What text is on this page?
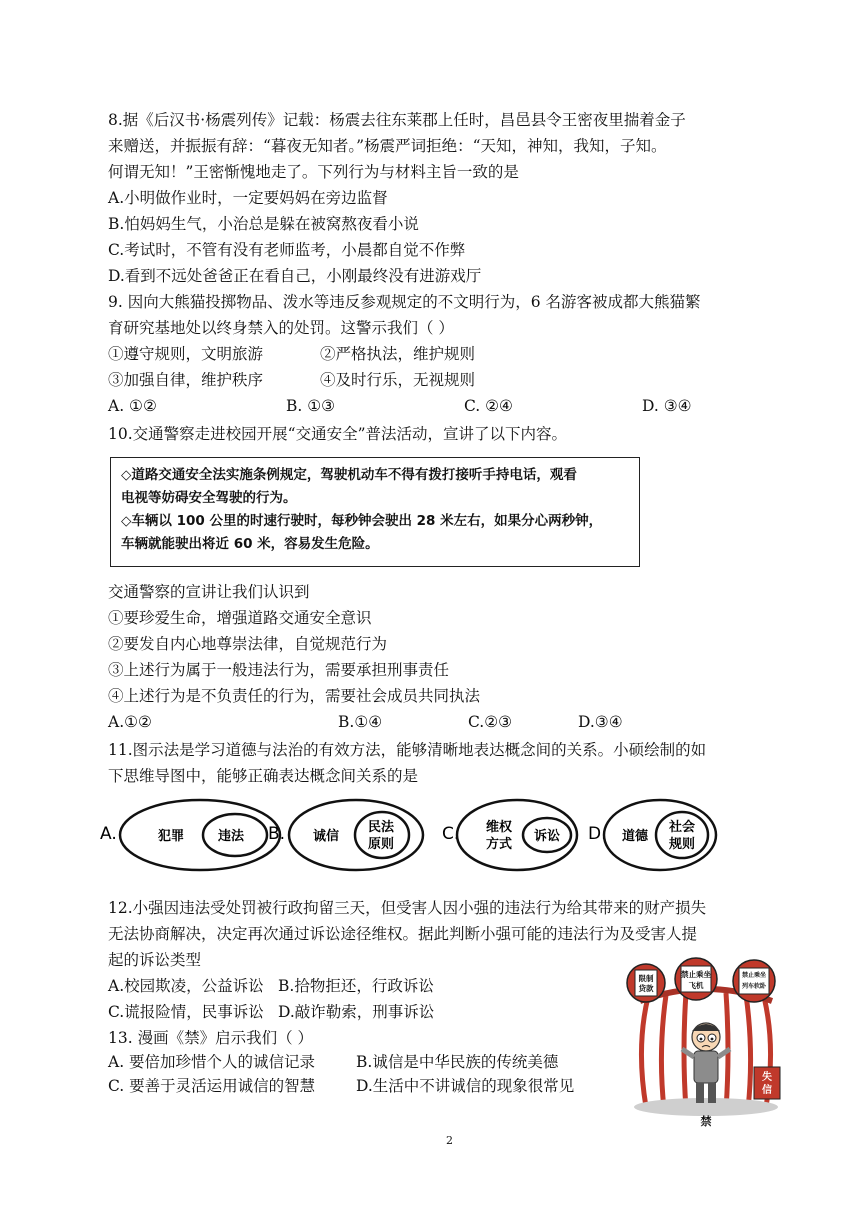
8.据《后汉书·杨震列传》记载：杨震去往东莱郡上任时，昌邑县令王密夜里揣着金子
来赠送，并振振有辞：“暮夜无知者。”杨震严词拒绝：“天知，神知，我知，子知。
何谓无知！”王密惭愧地走了。下列行为与材料主旨一致的是
A.小明做作业时，一定要妈妈在旁边监督
B.怕妈妈生气，小治总是躲在被窝熬夜看小说
C.考试时，不管有没有老师监考，小晨都自觉不作弊
D.看到不远处爸爸正在看自己，小刚最终没有进游戏厅
9. 因向大熊猫投掷物品、泼水等违反参观规定的不文明行为，6 名游客被成都大熊猫繁
育研究基地处以终身禁入的处罚。这警示我们（ ）
①遵守规则，文明旅游	②严格执法，维护规则
③加强自律，维护秩序	④及时行乐，无视规则
A. ①②	B. ①③	C. ②④	D. ③④
10.交通警察走进校园开展“交通安全”普法活动，宣讲了以下内容。
◇道路交通安全法实施条例规定，驾驶机动车不得有拨打接听手持电话，观看
电视等妨碍安全驾驶的行为。
◇车辆以 100 公里的时速行驶时，每秒钟会驶出 28 米左右，如果分心两秒钟，
车辆就能驶出将近 60 米，容易发生危险。
交通警察的宣讲让我们认识到
①要珍爱生命，增强道路交通安全意识
②要发自内心地尊崇法律，自觉规范行为
③上述行为属于一般违法行为，需要承担刑事责任
④上述行为是不负责任的行为，需要社会成员共同执法
A.①②	B.①④	C.②③	D.③④
11.图示法是学习道德与法治的有效方法，能够清晰地表达概念间的关系。小硕绘制的如
下思维导图中，能够正确表达概念间关系的是
A.	犯罪	违法 B. 诚信
民法
原则
C. 维权
方式
诉讼 D. 道德
社会
规则
12.小强因违法受处罚被行政拘留三天，但受害人因小强的违法行为给其带来的财产损失
无法协商解决，决定再次通过诉讼途径维权。据此判断小强可能的违法行为及受害人提
起的诉讼类型
A.校园欺凌，公益诉讼 B.拾物拒还，行政诉讼
C.谎报险情，民事诉讼 D.敲诈勒索，刑事诉讼
13. 漫画《禁》启示我们（ ）
A. 要倍加珍惜个人的诚信记录	B.诚信是中华民族的传统美德
C. 要善于灵活运用诚信的智慧	D.生活中不讲诚信的现象很常见
限制
贷款
禁止乘坐
飞机
禁止乘坐
列车软卧
失
信
禁
2
